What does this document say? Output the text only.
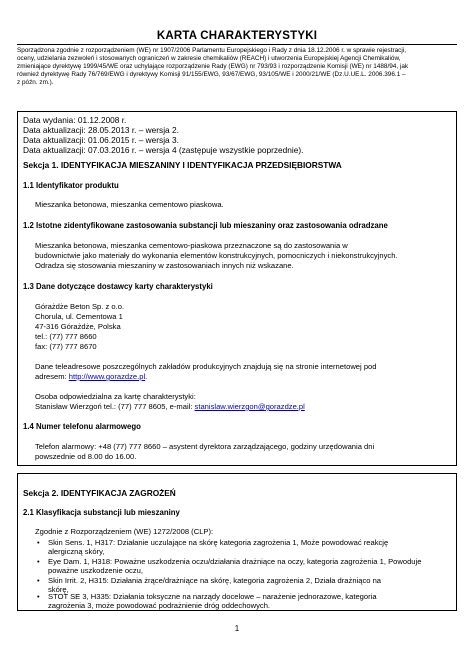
KARTA CHARAKTERYSTYKI
Sporządzona zgodnie z rozporządzeniem (WE) nr 1907/2006 Parlamentu Europejskiego i Rady z dnia 18.12.2006 r. w sprawie rejestracji,
oceny, udzielania zezwoleń i stosowanych ograniczeń w zakresie chemikaliów (REACH) i utworzenia Europejskiej Agencji Chemikaliów,
zmieniające dyrektywę 1999/45/WE oraz uchylające rozporządzenie Rady (EWG) nr 793/93 i rozporządzenie Komisji (WE) nr 1488/94, jak
również dyrektywę Rady 76/769/EWG i dyrektywy Komisji 91/155/EWG, 93/67/EWG, 93/105/WE i 2000/21/WE (Dz.U.UE.L. 2006.396.1 –
z późn. zm.).
Data wydania: 01.12.2008 r.
Data aktualizacji: 28.05.2013 r. – wersja 2.
Data aktualizacji: 01.06.2015 r. – wersja 3.
Data aktualizacji: 07.03.2016 r. – wersja 4 (zastępuje wszystkie poprzednie).
Sekcja 1. IDENTYFIKACJA MIESZANINY I IDENTYFIKACJA PRZEDSIĘBIORSTWA
1.1 Identyfikator produktu
Mieszanka betonowa, mieszanka cementowo piaskowa.
1.2 Istotne zidentyfikowane zastosowania substancji lub mieszaniny oraz zastosowania odradzane
Mieszanka betonowa, mieszanka cementowo-piaskowa przeznaczone są do zastosowania w
budownictwie jako materiały do wykonania elementów konstrukcyjnych, pomocniczych i niekonstrukcyjnych.
Odradza się stosowania mieszaniny w zastosowaniach innych niż wskazane.
1.3 Dane dotyczące dostawcy karty charakterystyki
Górażdże Beton Sp. z o.o.
Chorula, ul. Cementowa 1
47-316 Górażdże, Polska
tel.: (77) 777 8660
fax: (77) 777 8670
Dane teleadresowe poszczególnych zakładów produkcyjnych znajdują się na stronie internetowej pod
adresem: http://www.gorazdze.pl.
Osoba odpowiedzialna za kartę charakterystyki:
Stanisław Wierzgoń tel.: (77) 777 8605, e-mail: stanislaw.wierzgon@gorazdze.pl
1.4 Numer telefonu alarmowego
Telefon alarmowy: +48 (77) 777 8660 – asystent dyrektora zarządzającego, godziny urzędowania dni
powszednie od 8.00 do 16.00.
Sekcja 2. IDENTYFIKACJA ZAGROŻEŃ
2.1 Klasyfikacja substancji lub mieszaniny
Zgodnie z Rozporządzeniem (WE) 1272/2008 (CLP):
• Skin Sens. 1, H317: Działanie uczulające na skórę kategoria zagrożenia 1, Może powodować reakcję
alergiczną skóry,
• Eye Dam. 1, H318: Poważne uszkodzenia oczu/działania drażniące na oczy, kategoria zagrożenia 1, Powoduje
poważne uszkodzenie oczu,
• Skin Irrit. 2, H315: Działania żrące/drażniące na skórę, kategoria zagrożenia 2, Działa drażniąco na
skórę,
• STOT SE 3, H335: Działania toksyczne na narządy docelowe – narażenie jednorazowe, kategoria
zagrożenia 3, może powodować podrażnienie dróg oddechowych.
1
